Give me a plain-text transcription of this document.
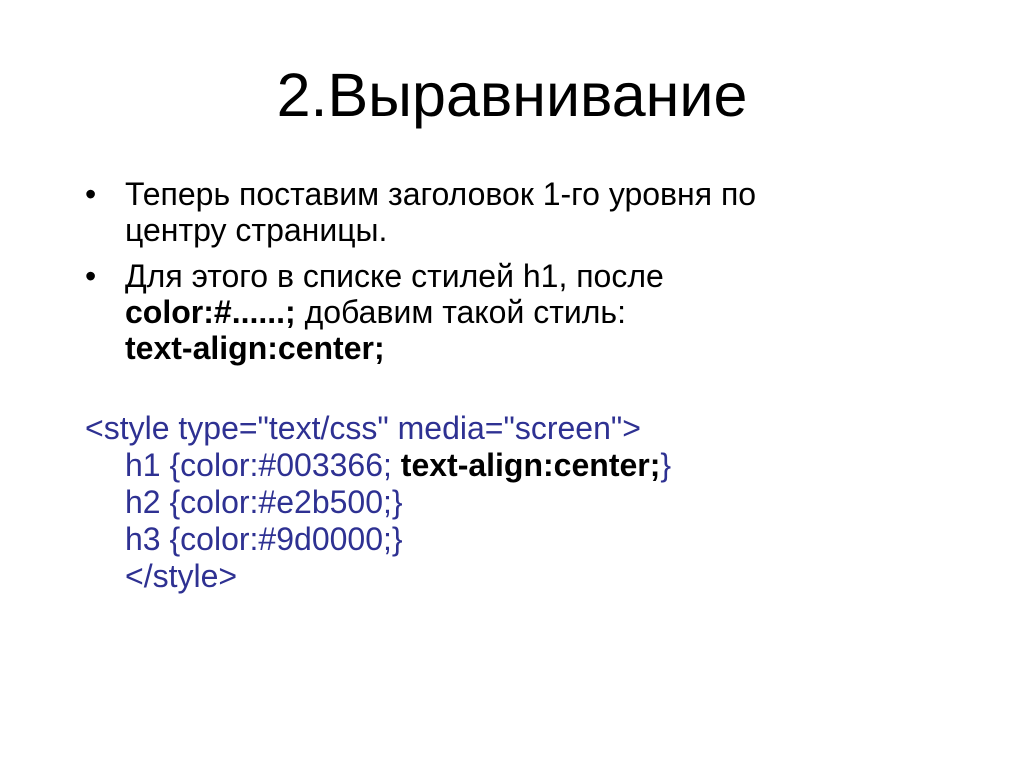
2.Выравнивание
• Теперь поставим заголовок 1-го уровня по
центру страницы.

• Для этого в списке стилей h1, после
color:#......; добавим такой стиль:
text-align:center;

<style type="text/css" media="screen">
h1 {color:#003366; text-align:center;}
h2 {color:#e2b500;}
h3 {color:#9d0000;}
</style>
